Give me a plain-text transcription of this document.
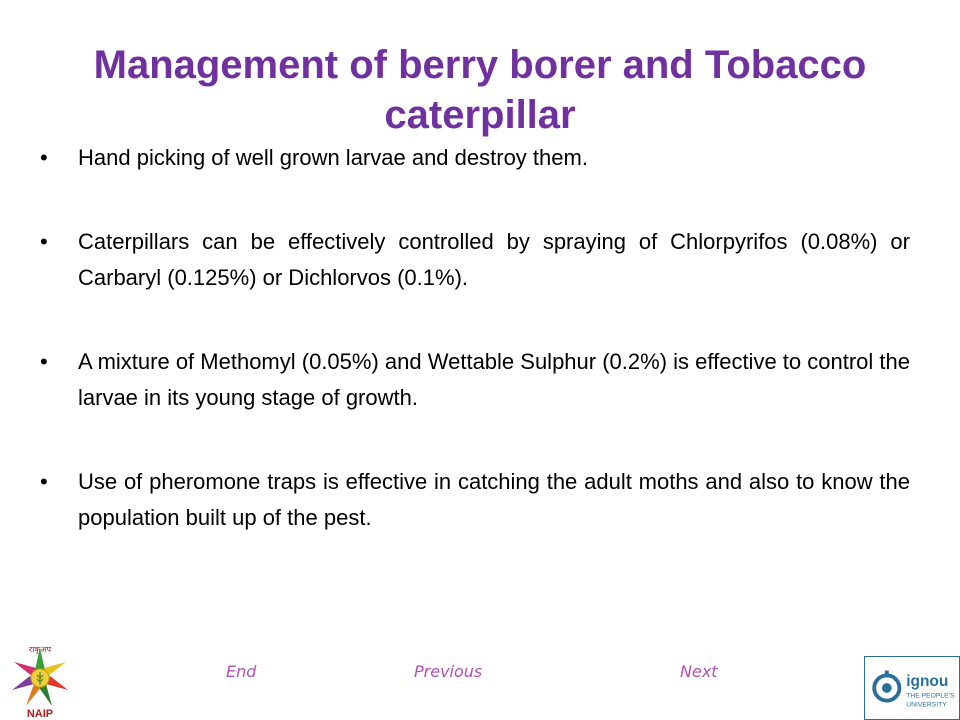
Management of berry borer and Tobacco
caterpillar
•	Hand picking of well grown larvae and destroy them.
•	Caterpillars can be effectively controlled by spraying of Chlorpyrifos (0.08%) or Carbaryl (0.125%) or Dichlorvos (0.1%).
•	A mixture of Methomyl (0.05%) and Wettable Sulphur (0.2%) is effective to control the larvae in its young stage of growth.
•	Use of pheromone traps is effective in catching the adult moths and also to know the population built up of the pest.
End	Previous	Next
राकृअप
NAIP
ignou
THE PEOPLE'S
UNIVERSITY
